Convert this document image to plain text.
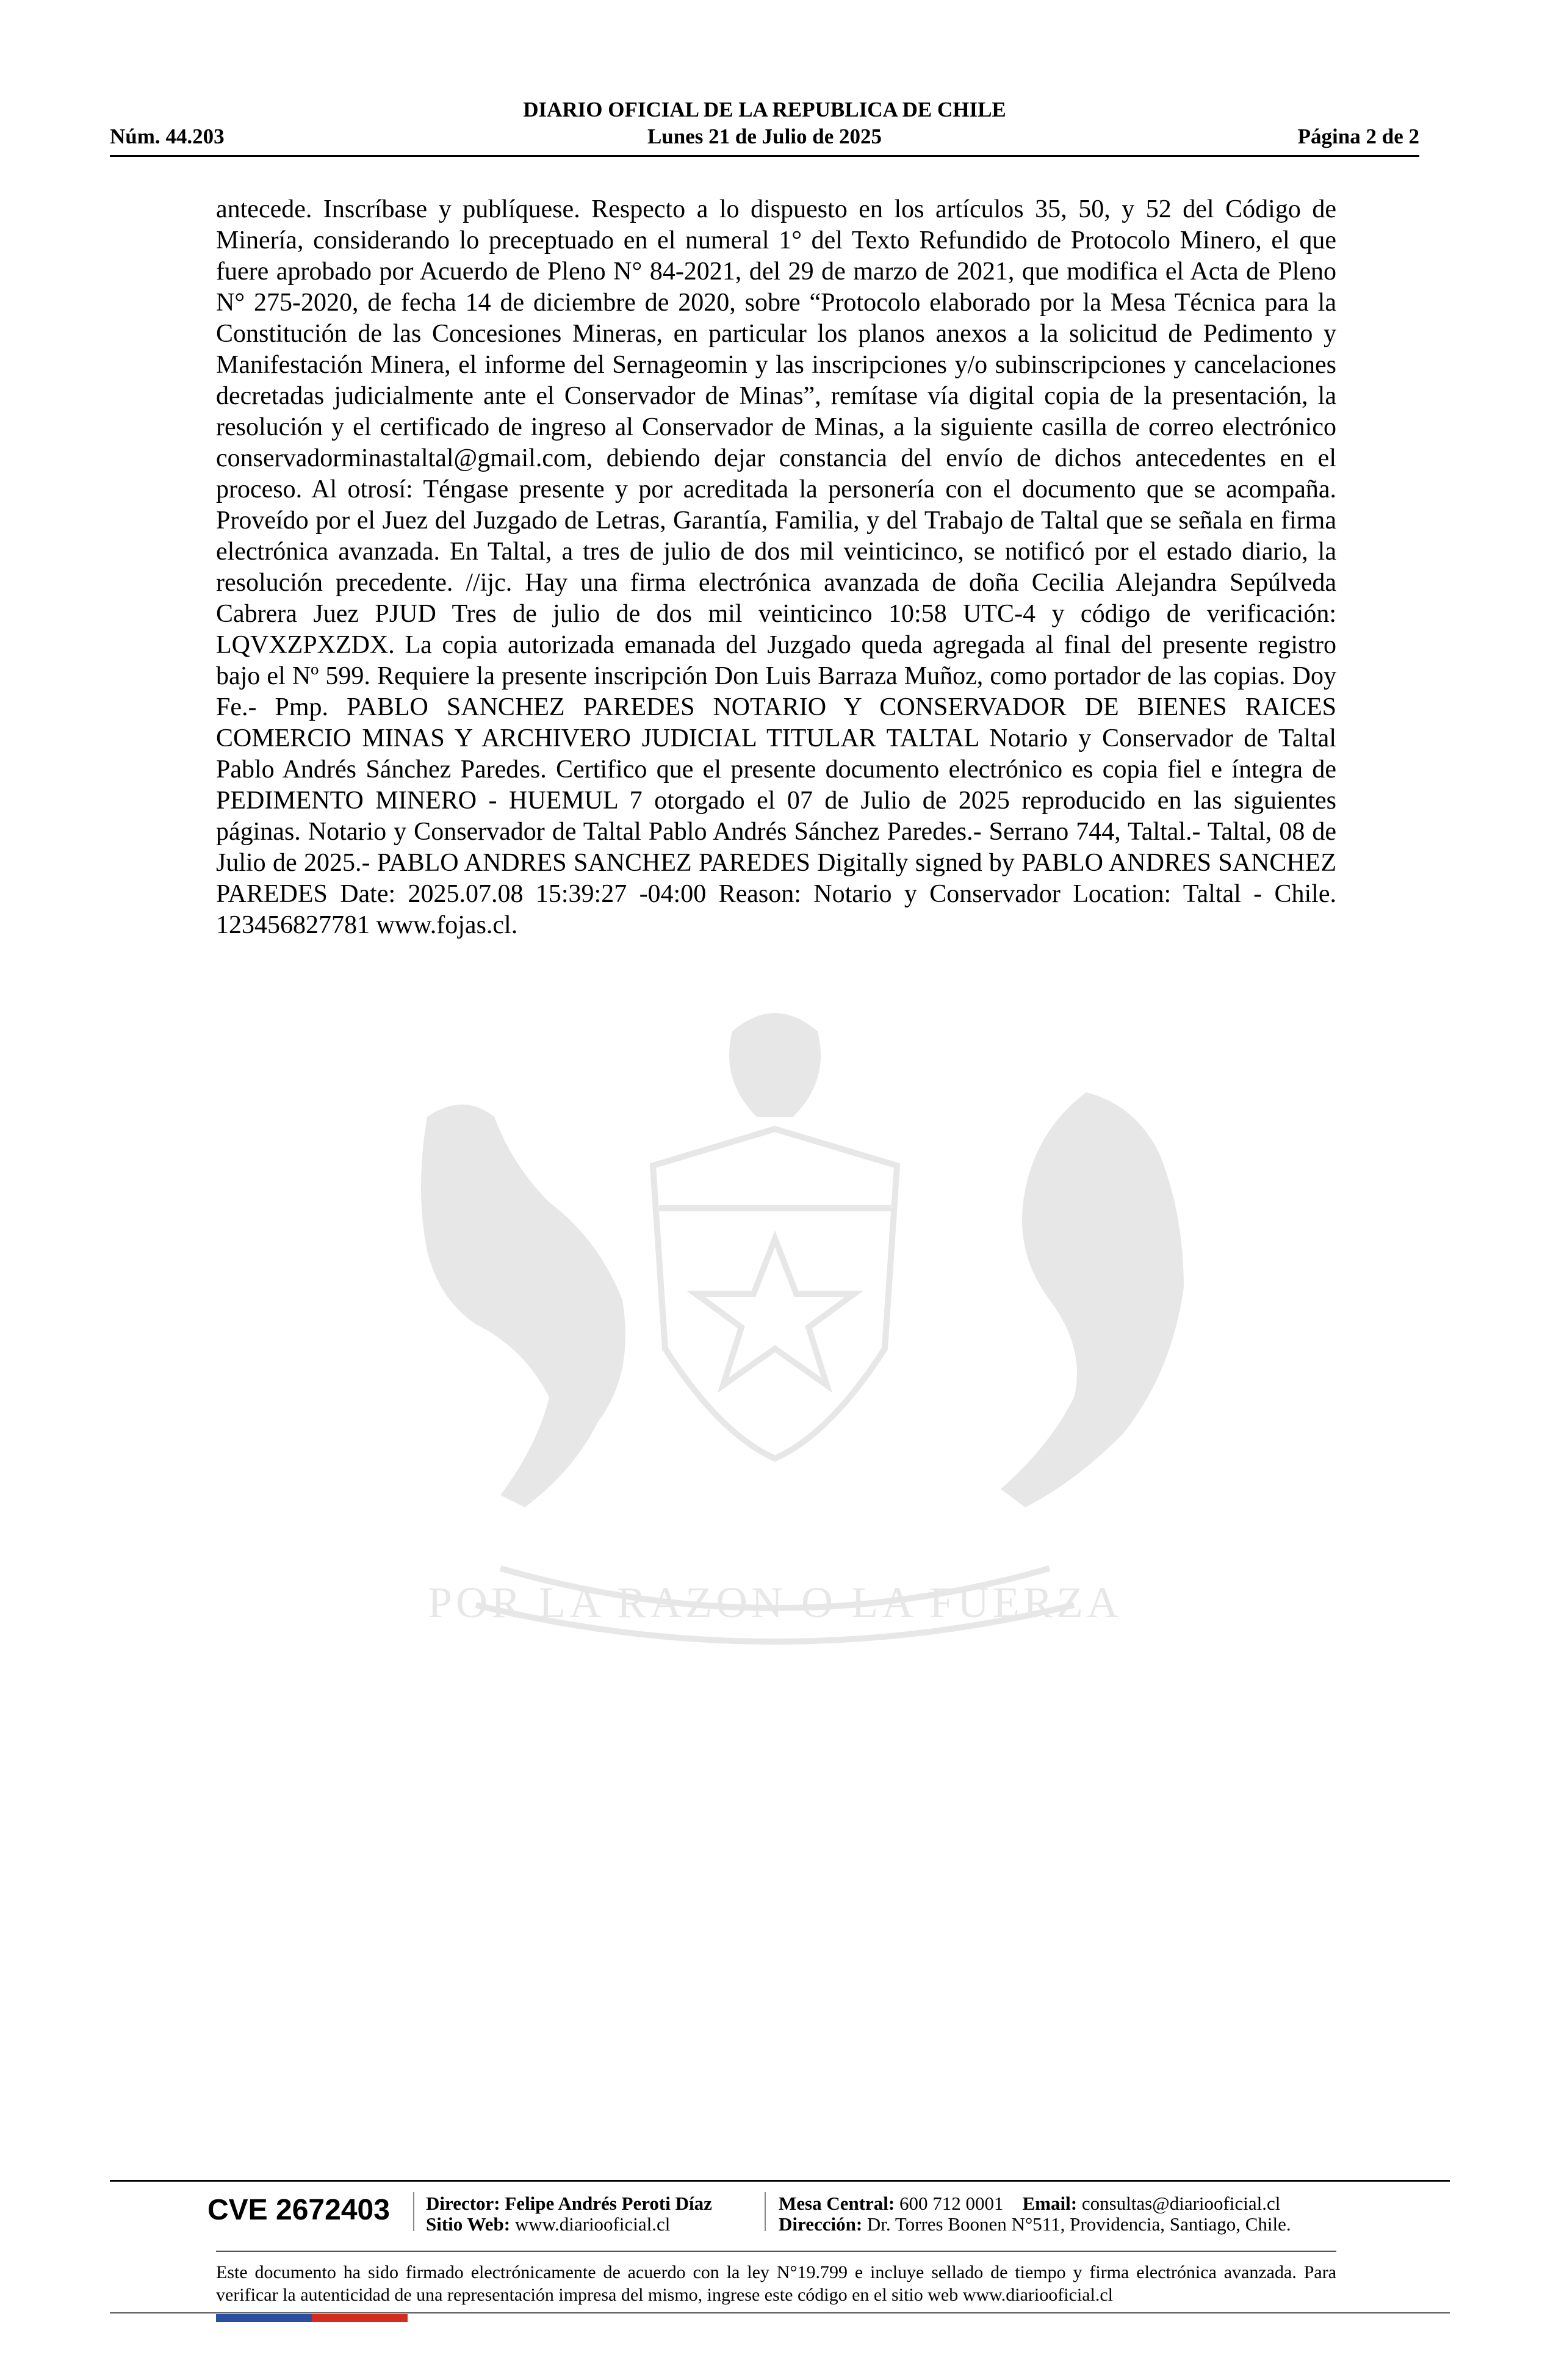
DIARIO OFICIAL DE LA REPUBLICA DE CHILE
Lunes 21 de Julio de 2025
Núm. 44.203	Página 2 de 2
antecede. Inscríbase y publíquese. Respecto a lo dispuesto en los artículos 35, 50, y 52 del Código de Minería, considerando lo preceptuado en el numeral 1° del Texto Refundido de Protocolo Minero, el que fuere aprobado por Acuerdo de Pleno N° 84-2021, del 29 de marzo de 2021, que modifica el Acta de Pleno N° 275-2020, de fecha 14 de diciembre de 2020, sobre “Protocolo elaborado por la Mesa Técnica para la Constitución de las Concesiones Mineras, en particular los planos anexos a la solicitud de Pedimento y Manifestación Minera, el informe del Sernageomin y las inscripciones y/o subinscripciones y cancelaciones decretadas judicialmente ante el Conservador de Minas”, remítase vía digital copia de la presentación, la resolución y el certificado de ingreso al Conservador de Minas, a la siguiente casilla de correo electrónico conservadorminastaltal@gmail.com, debiendo dejar constancia del envío de dichos antecedentes en el proceso. Al otrosí: Téngase presente y por acreditada la personería con el documento que se acompaña. Proveído por el Juez del Juzgado de Letras, Garantía, Familia, y del Trabajo de Taltal que se señala en firma electrónica avanzada. En Taltal, a tres de julio de dos mil veinticinco, se notificó por el estado diario, la resolución precedente. //ijc. Hay una firma electrónica avanzada de doña Cecilia Alejandra Sepúlveda Cabrera Juez PJUD Tres de julio de dos mil veinticinco 10:58 UTC-4 y código de verificación: LQVXZPXZDX. La copia autorizada emanada del Juzgado queda agregada al final del presente registro bajo el Nº 599. Requiere la presente inscripción Don Luis Barraza Muñoz, como portador de las copias. Doy Fe.- Pmp. PABLO SANCHEZ PAREDES NOTARIO Y CONSERVADOR DE BIENES RAICES COMERCIO MINAS Y ARCHIVERO JUDICIAL TITULAR TALTAL Notario y Conservador de Taltal Pablo Andrés Sánchez Paredes. Certifico que el presente documento electrónico es copia fiel e íntegra de PEDIMENTO MINERO - HUEMUL 7 otorgado el 07 de Julio de 2025 reproducido en las siguientes páginas. Notario y Conservador de Taltal Pablo Andrés Sánchez Paredes.- Serrano 744, Taltal.- Taltal, 08 de Julio de 2025.- PABLO ANDRES SANCHEZ PAREDES Digitally signed by PABLO ANDRES SANCHEZ PAREDES Date: 2025.07.08 15:39:27 -04:00 Reason: Notario y Conservador Location: Taltal - Chile. 123456827781 www.fojas.cl.
POR LA RAZON O LA FUERZA
CVE 2672403 Director: Felipe Andrés Peroti Díaz
Sitio Web: www.diariooficial.cl
Mesa Central: 600 712 0001 Email: consultas@diariooficial.cl
Dirección: Dr. Torres Boonen N°511, Providencia, Santiago, Chile.
Este documento ha sido firmado electrónicamente de acuerdo con la ley N°19.799 e incluye sellado de tiempo y firma electrónica avanzada. Para verificar la autenticidad de una representación impresa del mismo, ingrese este código en el sitio web www.diariooficial.cl
